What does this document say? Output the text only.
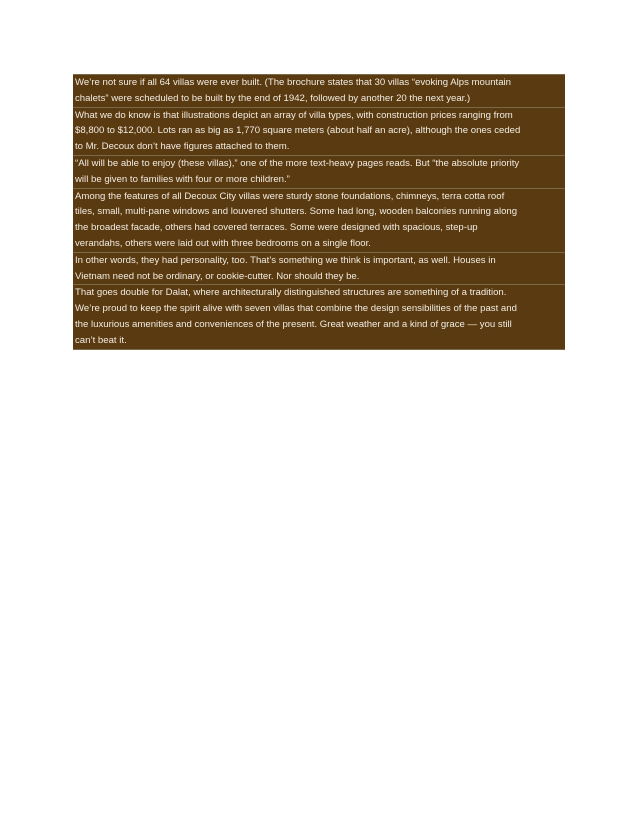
We’re not sure if all 64 villas were ever built. (The brochure states that 30 villas “evoking Alps mountain
chalets” were scheduled to be built by the end of 1942, followed by another 20 the next year.)
What we do know is that illustrations depict an array of villa types, with construction prices ranging from
$8,800 to $12,000. Lots ran as big as 1,770 square meters (about half an acre), although the ones ceded
to Mr. Decoux don’t have figures attached to them.
“All will be able to enjoy (these villas),” one of the more text-heavy pages reads. But “the absolute priority
will be given to families with four or more children.”
Among the features of all Decoux City villas were sturdy stone foundations, chimneys, terra cotta roof
tiles, small, multi-pane windows and louvered shutters. Some had long, wooden balconies running along
the broadest facade, others had covered terraces. Some were designed with spacious, step-up
verandahs, others were laid out with three bedrooms on a single floor.
In other words, they had personality, too. That’s something we think is important, as well. Houses in
Vietnam need not be ordinary, or cookie-cutter. Nor should they be.
That goes double for Dalat, where architecturally distinguished structures are something of a tradition.
We’re proud to keep the spirit alive with seven villas that combine the design sensibilities of the past and
the luxurious amenities and conveniences of the present. Great weather and a kind of grace — you still
can’t beat it.
